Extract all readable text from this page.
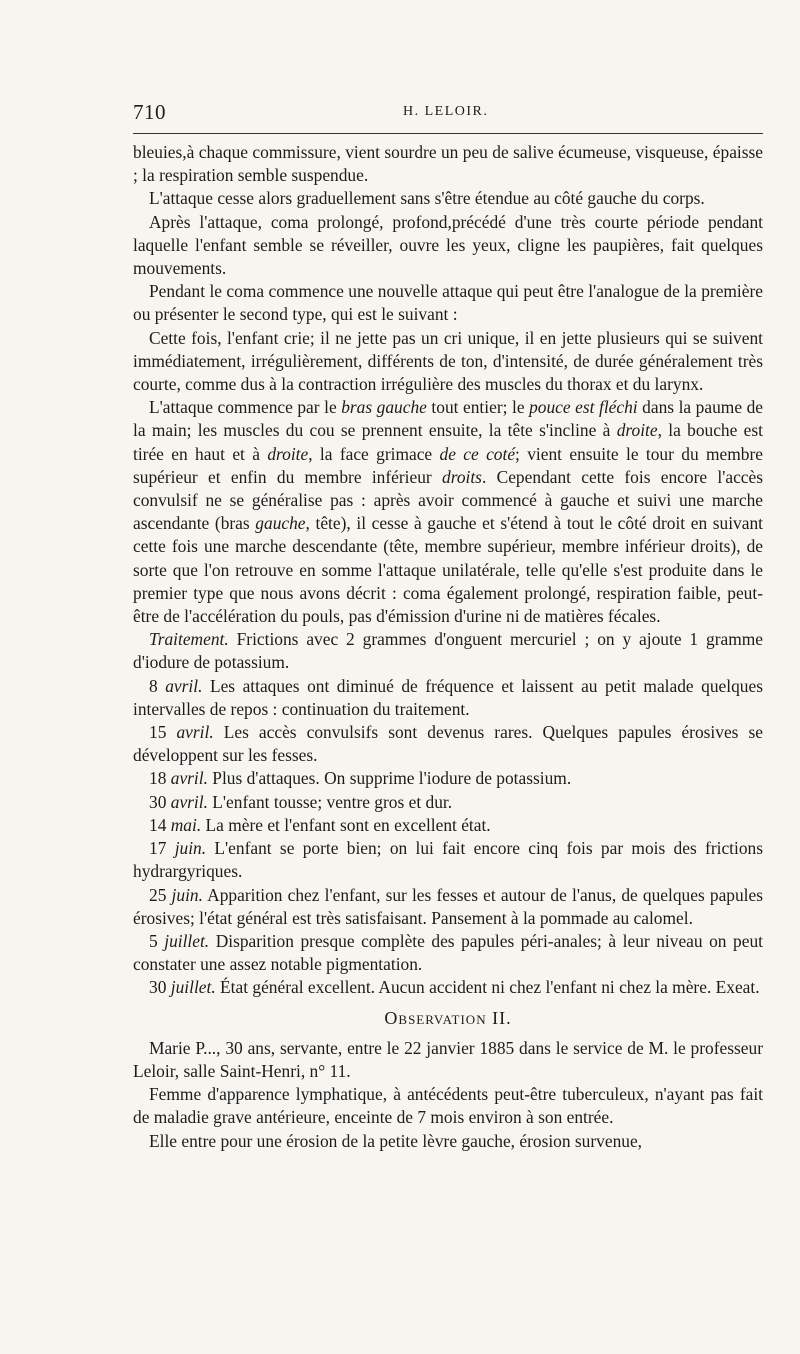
710	H. LELOIR.

bleuies,à chaque commissure, vient sourdre un peu de salive écumeuse, visqueuse, épaisse ; la respiration semble suspendue.

L'attaque cesse alors graduellement sans s'être étendue au côté gauche du corps.

Après l'attaque, coma prolongé, profond,précédé d'une très courte période pendant laquelle l'enfant semble se réveiller, ouvre les yeux, cligne les paupières, fait quelques mouvements.

Pendant le coma commence une nouvelle attaque qui peut être l'analogue de la première ou présenter le second type, qui est le suivant :

Cette fois, l'enfant crie; il ne jette pas un cri unique, il en jette plusieurs qui se suivent immédiatement, irrégulièrement, différents de ton, d'intensité, de durée généralement très courte, comme dus à la contraction irrégulière des muscles du thorax et du larynx.

L'attaque commence par le bras gauche tout entier; le pouce est fléchi dans la paume de la main; les muscles du cou se prennent ensuite, la tête s'incline à droite, la bouche est tirée en haut et à droite, la face grimace de ce coté; vient ensuite le tour du membre supérieur et enfin du membre inférieur droits. Cependant cette fois encore l'accès convulsif ne se généralise pas : après avoir commencé à gauche et suivi une marche ascendante (bras gauche, tête), il cesse à gauche et s'étend à tout le côté droit en suivant cette fois une marche descendante (tête, membre supérieur, membre inférieur droits), de sorte que l'on retrouve en somme l'attaque unilatérale, telle qu'elle s'est produite dans le premier type que nous avons décrit : coma également prolongé, respiration faible, peut-être de l'accélération du pouls, pas d'émission d'urine ni de matières fécales.

Traitement. Frictions avec 2 grammes d'onguent mercuriel ; on y ajoute 1 gramme d'iodure de potassium.

8 avril. Les attaques ont diminué de fréquence et laissent au petit malade quelques intervalles de repos : continuation du traitement.

15 avril. Les accès convulsifs sont devenus rares. Quelques papules érosives se développent sur les fesses.

18 avril. Plus d'attaques. On supprime l'iodure de potassium.

30 avril. L'enfant tousse; ventre gros et dur.

14 mai. La mère et l'enfant sont en excellent état.

17 juin. L'enfant se porte bien; on lui fait encore cinq fois par mois des frictions hydrargyriques.

25 juin. Apparition chez l'enfant, sur les fesses et autour de l'anus, de quelques papules érosives; l'état général est très satisfaisant. Pansement à la pommade au calomel.

5 juillet. Disparition presque complète des papules péri-anales; à leur niveau on peut constater une assez notable pigmentation.

30 juillet. État général excellent. Aucun accident ni chez l'enfant ni chez la mère. Exeat.

Observation II.

Marie P..., 30 ans, servante, entre le 22 janvier 1885 dans le service de M. le professeur Leloir, salle Saint-Henri, n° 11.

Femme d'apparence lymphatique, à antécédents peut-être tuberculeux, n'ayant pas fait de maladie grave antérieure, enceinte de 7 mois environ à son entrée.

Elle entre pour une érosion de la petite lèvre gauche, érosion survenue,
